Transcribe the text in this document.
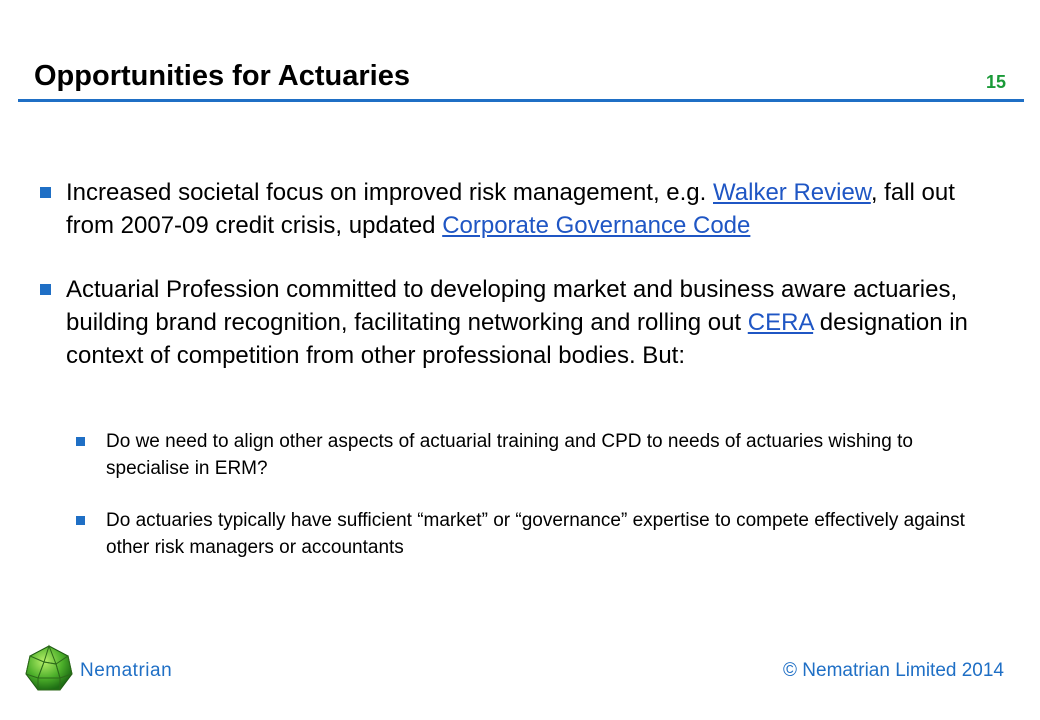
Opportunities for Actuaries	15
Increased societal focus on improved risk management, e.g. Walker Review, fall out from 2007-09 credit crisis, updated Corporate Governance Code
Actuarial Profession committed to developing market and business aware actuaries, building brand recognition, facilitating networking and rolling out CERA designation in context of competition from other professional bodies. But:
Do we need to align other aspects of actuarial training and CPD to needs of actuaries wishing to specialise in ERM?
Do actuaries typically have sufficient “market” or “governance” expertise to compete effectively against other risk managers or accountants
Nematrian	© Nematrian Limited 2014
